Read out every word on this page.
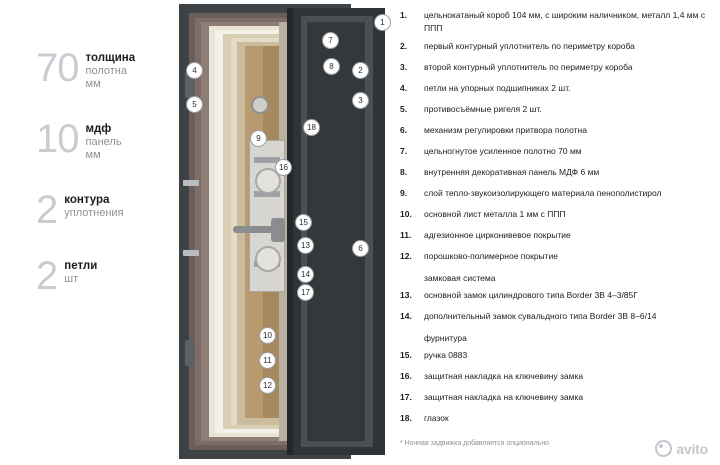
70 толщина
полотна
мм
10 мдф
панель
мм
2 контура
уплотнения
2 петли
шт
1
2
3
4
5
6
7
8
9
10
11
12
13
14
15
16
17
18
1.	цельнокатаный короб 104 мм, с широким наличником, металл 1,4 мм с ППП
2.	первый контурный уплотнитель по периметру короба
3.	второй контурный уплотнитель по периметру короба
4.	петли на упорных подшипниках 2 шт.
5.	противосъёмные ригеля 2 шт.
6.	механизм регулировки притвора полотна
7.	цельногнутое усиленное полотно 70 мм
8.	внутренняя декоративная панель МДФ 6 мм
9.	слой тепло-звукоизолирующего материала пенополистирол
10.	основной лист металла 1 мм с ППП
11.	адгезионное цирконивевое покрытие
12.	порошково-полимерное покрытие
замковая система
13.	основной замок цилиндрового типа Border 3B 4–3/85Г
14.	дополнительный замок сувальдного типа Border 3B 8–6/14
фурнитура
15.	ручка 0883
16.	защитная накладка на ключевину замка
17.	защитная накладка на ключевину замка
18.	глазок
* Ночная задвижка добавляется опционально	avito
